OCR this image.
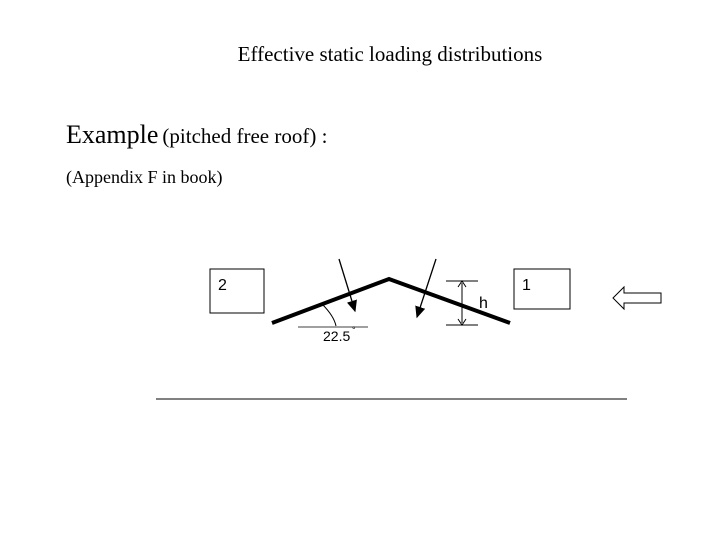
Effective static loading distributions
Example (pitched free roof) :
(Appendix F in book)
2	1
h
22.5 °
